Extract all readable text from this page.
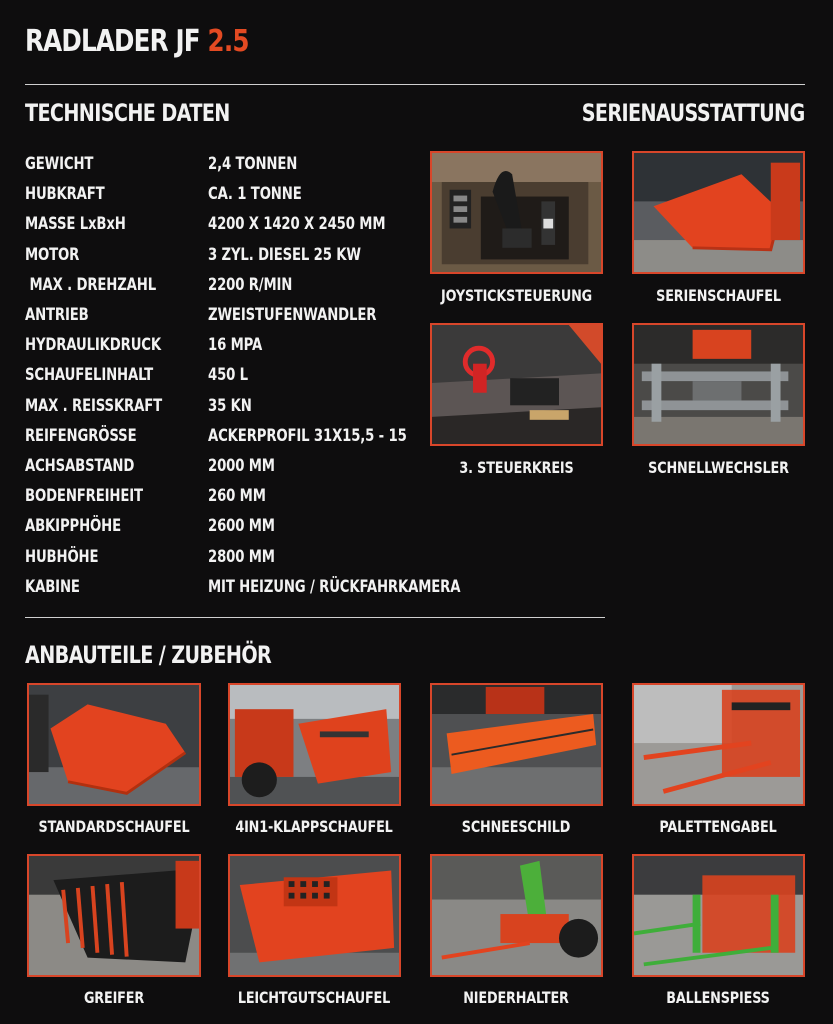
RADLADER JF 2.5
TECHNISCHE DATEN	SERIENAUSSTATTUNG
GEWICHT	2,4 TONNEN
HUBKRAFT	CA. 1 TONNE
MASSE LxBxH	4200 X 1420 X 2450 MM
MOTOR	3 ZYL. DIESEL 25 KW
MAX . DREHZAHL	2200 R/MIN
ANTRIEB	ZWEISTUFENWANDLER
HYDRAULIKDRUCK	16 MPA
SCHAUFELINHALT	450 L
MAX . REISSKRAFT	35 KN
REIFENGRÖSSE	ACKERPROFIL 31X15,5 - 15
ACHSABSTAND	2000 MM
BODENFREIHEIT	260 MM
ABKIPPHÖHE	2600 MM
HUBHÖHE	2800 MM
KABINE	MIT HEIZUNG / RÜCKFAHRKAMERA
JOYSTICKSTEUERUNG	SERIENSCHAUFEL
3. STEUERKREIS	SCHNELLWECHSLER
ANBAUTEILE / ZUBEHÖR
STANDARDSCHAUFEL	4IN1-KLAPPSCHAUFEL	SCHNEESCHILD	PALETTENGABEL
GREIFER	LEICHTGUTSCHAUFEL	NIEDERHALTER	BALLENSPIESS
